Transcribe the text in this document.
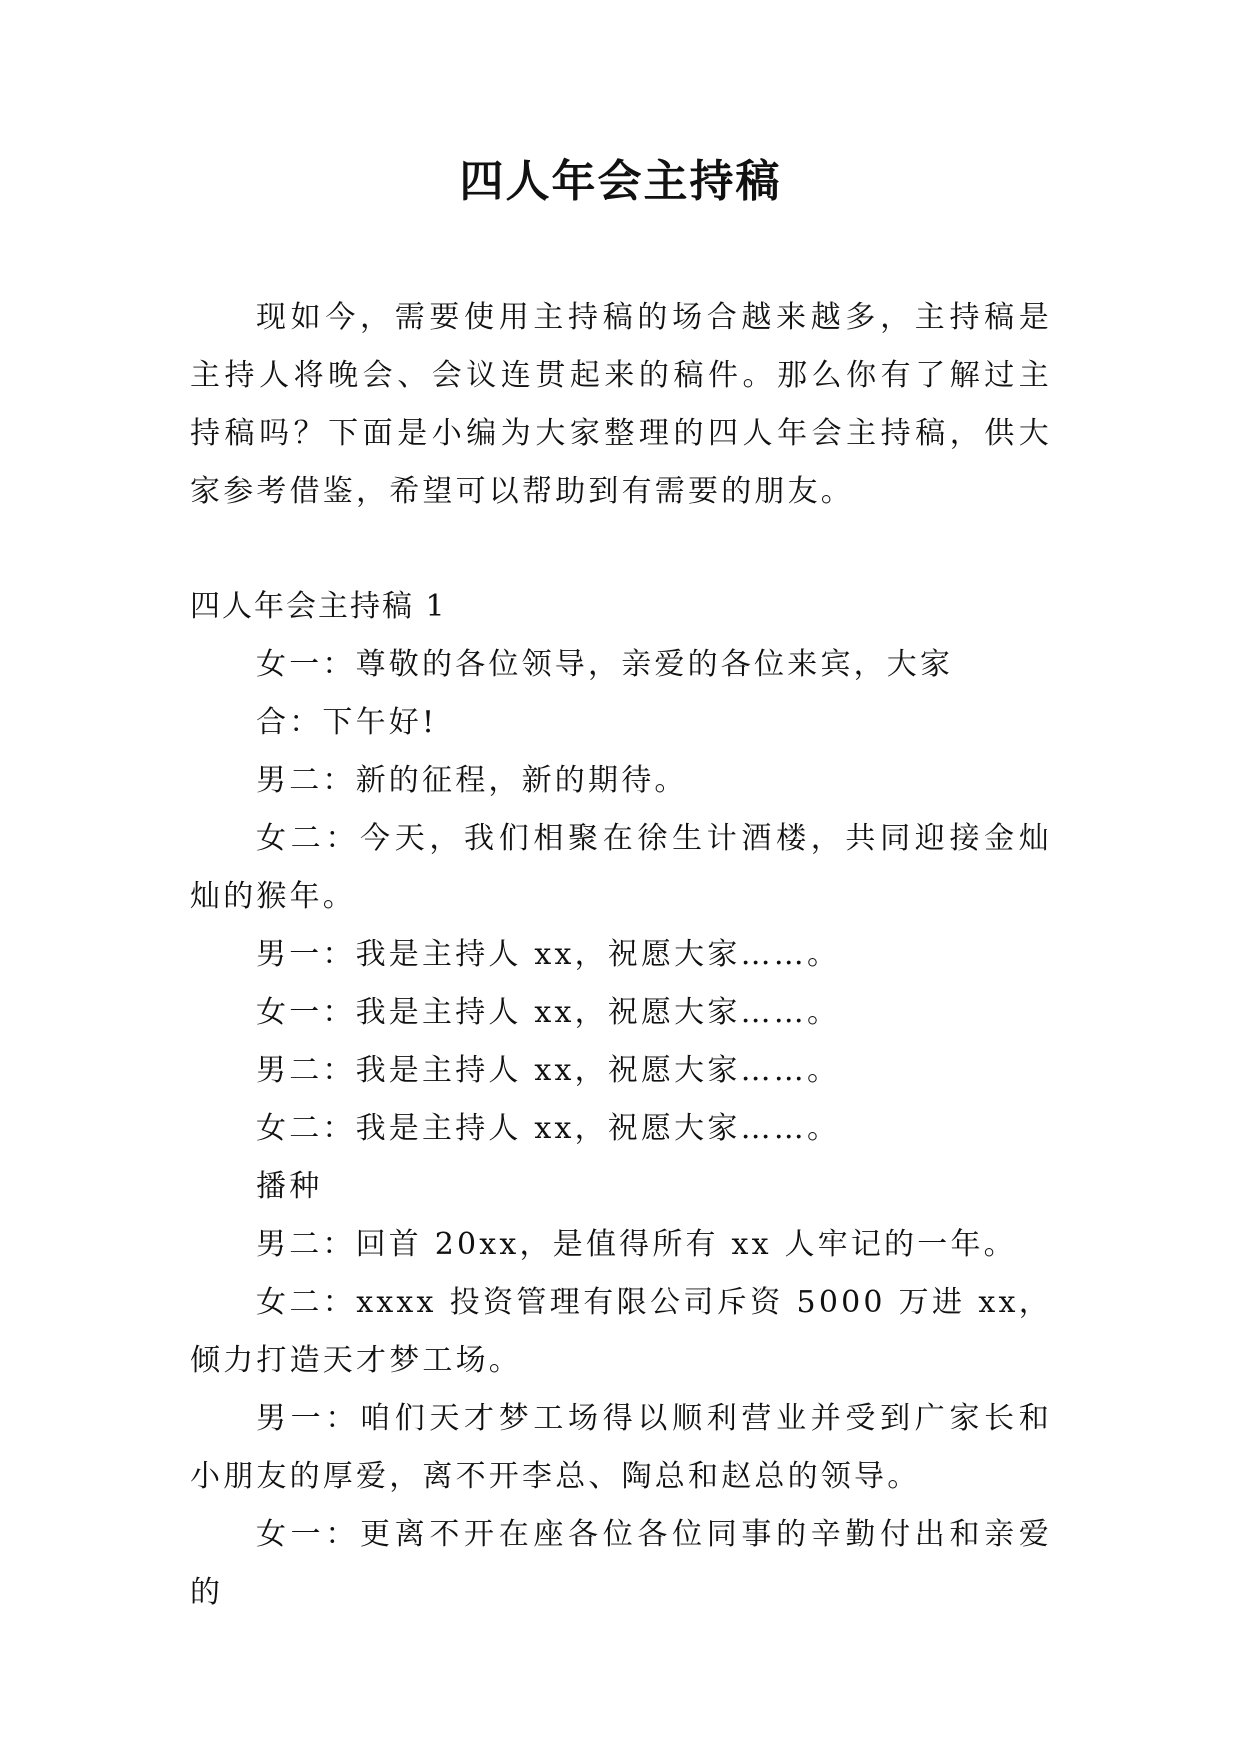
四人年会主持稿

现如今，需要使用主持稿的场合越来越多，主持稿是主持人将晚会、会议连贯起来的稿件。那么你有了解过主持稿吗？下面是小编为大家整理的四人年会主持稿，供大家参考借鉴，希望可以帮助到有需要的朋友。

四人年会主持稿 1

女一：尊敬的各位领导，亲爱的各位来宾，大家

合：下午好!

男二：新的征程，新的期待。

女二：今天，我们相聚在徐生计酒楼，共同迎接金灿灿的猴年。

男一：我是主持人 xx，祝愿大家……。

女一：我是主持人 xx，祝愿大家……。

男二：我是主持人 xx，祝愿大家……。

女二：我是主持人 xx，祝愿大家……。

播种

男二：回首 20xx，是值得所有 xx 人牢记的一年。

女二：xxxx 投资管理有限公司斥资 5000 万进 xx，倾力打造天才梦工场。

男一：咱们天才梦工场得以顺利营业并受到广家长和小朋友的厚爱，离不开李总、陶总和赵总的领导。

女一：更离不开在座各位各位同事的辛勤付出和亲爱的
